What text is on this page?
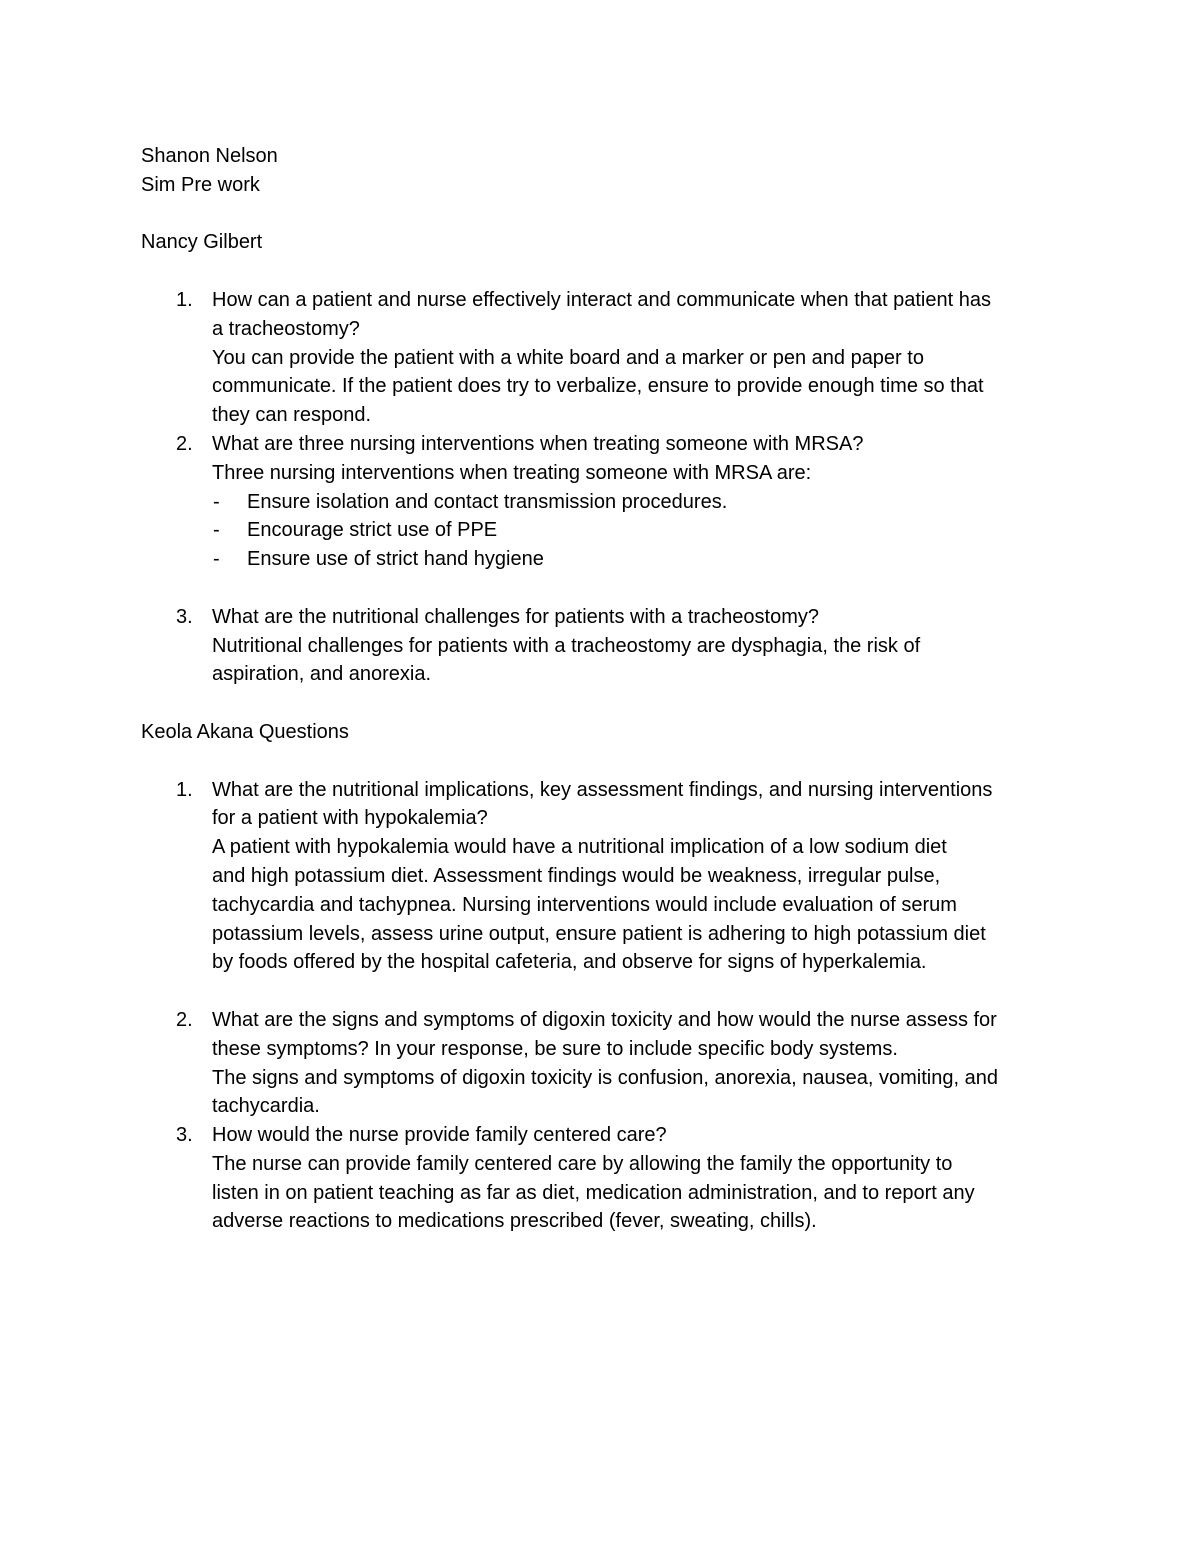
Shanon Nelson

Sim Pre work

Nancy Gilbert

1. How can a patient and nurse effectively interact and communicate when that patient has

a tracheostomy?

You can provide the patient with a white board and a marker or pen and paper to

communicate. If the patient does try to verbalize, ensure to provide enough time so that

they can respond.

2. What are three nursing interventions when treating someone with MRSA?

Three nursing interventions when treating someone with MRSA are:

- Ensure isolation and contact transmission procedures.
- Encourage strict use of PPE
- Ensure use of strict hand hygiene
3. What are the nutritional challenges for patients with a tracheostomy?

Nutritional challenges for patients with a tracheostomy are dysphagia, the risk of

aspiration, and anorexia.

Keola Akana Questions

1. What are the nutritional implications, key assessment findings, and nursing interventions

for a patient with hypokalemia?

A patient with hypokalemia would have a nutritional implication of a low sodium diet

and high potassium diet. Assessment findings would be weakness, irregular pulse,

tachycardia and tachypnea. Nursing interventions would include evaluation of serum

potassium levels, assess urine output, ensure patient is adhering to high potassium diet

by foods offered by the hospital cafeteria, and observe for signs of hyperkalemia.

2. What are the signs and symptoms of digoxin toxicity and how would the nurse assess for

these symptoms? In your response, be sure to include specific body systems.

The signs and symptoms of digoxin toxicity is confusion, anorexia, nausea, vomiting, and

tachycardia.

3. How would the nurse provide family centered care?

The nurse can provide family centered care by allowing the family the opportunity to

listen in on patient teaching as far as diet, medication administration, and to report any

adverse reactions to medications prescribed (fever, sweating, chills).
